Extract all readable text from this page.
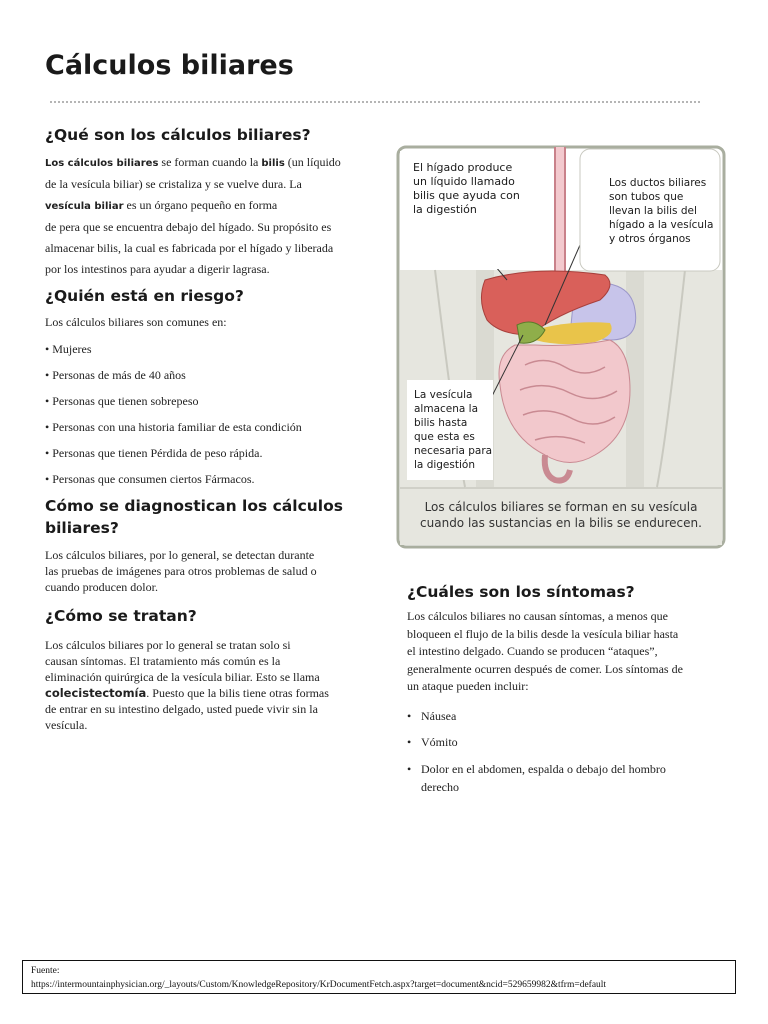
Cálculos biliares
¿Qué son los cálculos biliares?

Los cálculos biliares se forman cuando la bilis (un líquido

de la vesícula biliar) se cristaliza y se vuelve dura. La

vesícula biliar es un órgano pequeño en forma

de pera que se encuentra debajo del hígado. Su propósito es

almacenar bilis, la cual es fabricada por el hígado y liberada

por los intestinos para ayudar a digerir lagrasa.

¿Quién está en riesgo?

Los cálculos biliares son comunes en:

• Mujeres
• Personas de más de 40 años
• Personas que tienen sobrepeso
• Personas con una historia familiar de esta condición
• Personas que tienen Pérdida de peso rápida.
• Personas que consumen ciertos Fármacos.
Cómo se diagnostican los cálculos
biliares?

Los cálculos biliares, por lo general, se detectan durante

las pruebas de imágenes para otros problemas de salud o

cuando producen dolor.

¿Cómo se tratan?

Los cálculos biliares por lo general se tratan solo si

causan síntomas. El tratamiento más común es la

eliminación quirúrgica de la vesícula biliar. Esto se llama

colecistectomía. Puesto que la bilis tiene otras formas

de entrar en su intestino delgado, usted puede vivir sin la

vesícula.

El hígado produce
un líquido llamado
bilis que ayuda con
la digestión
Los ductos biliares
son tubos que
llevan la bilis del
hígado a la vesícula
y otros órganos
La vesícula
almacena la
bilis hasta
que esta es
necesaria para
la digestión
Los cálculos biliares se forman en su vesícula
cuando las sustancias en la bilis se endurecen.
¿Cuáles son los síntomas?

Los cálculos biliares no causan síntomas, a menos que

bloqueen el flujo de la bilis desde la vesícula biliar hasta

el intestino delgado. Cuando se producen “ataques”,

generalmente ocurren después de comer. Los síntomas de

un ataque pueden incluir:

• Náusea
• Vómito
• Dolor en el abdomen, espalda o debajo del hombro
derecho
Fuente:
https://intermountainphysician.org/_layouts/Custom/KnowledgeRepository/KrDocumentFetch.aspx?target=document&ncid=529659982&tfrm=default
